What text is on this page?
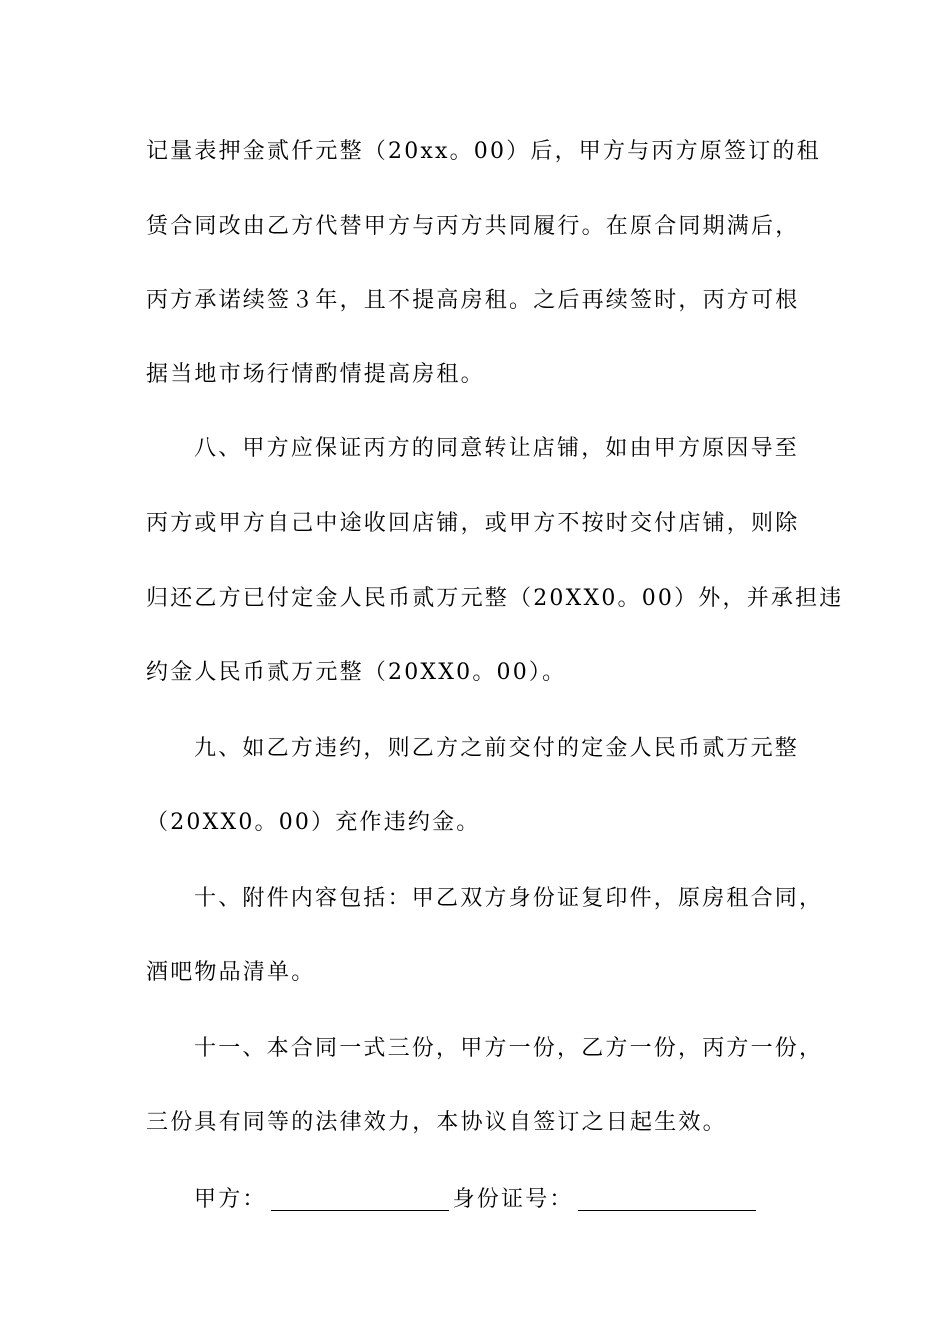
记量表押金贰仟元整（20xx。00）后，甲方与丙方原签订的租
赁合同改由乙方代替甲方与丙方共同履行。在原合同期满后，
丙方承诺续签３年，且不提高房租。之后再续签时，丙方可根
据当地市场行情酌情提高房租。
八、甲方应保证丙方的同意转让店铺，如由甲方原因导至
丙方或甲方自己中途收回店铺，或甲方不按时交付店铺，则除
归还乙方已付定金人民币贰万元整（20XX0。00）外，并承担违
约金人民币贰万元整（20XX0。00）。
九、如乙方违约，则乙方之前交付的定金人民币贰万元整
（20XX0。00）充作违约金。
十、附件内容包括：甲乙双方身份证复印件，原房租合同，
酒吧物品清单。
十一、本合同一式三份，甲方一份，乙方一份，丙方一份，
三份具有同等的法律效力，本协议自签订之日起生效。
甲方：	身份证号：
